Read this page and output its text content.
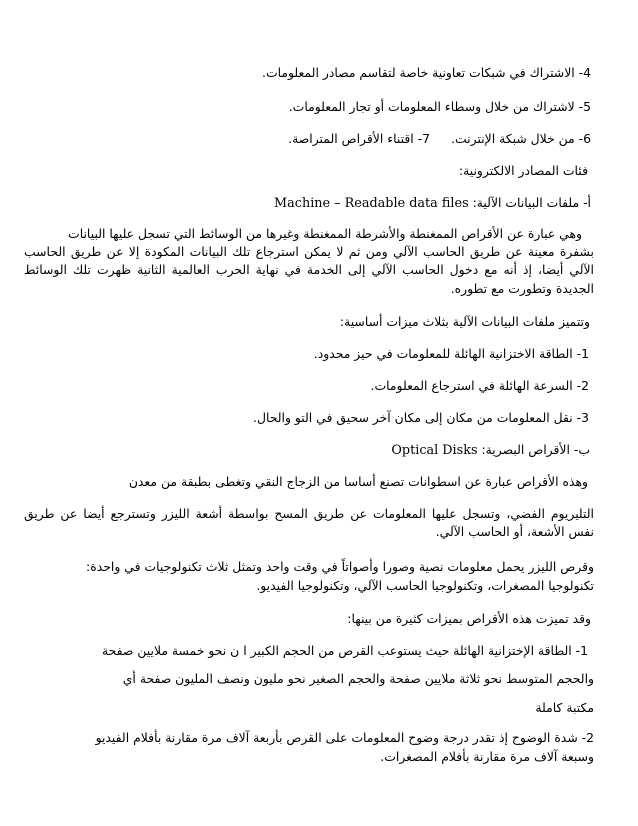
4- الاشتراك في شبكات تعاونية خاصة لتقاسم مصادر المعلومات.
5- لاشتراك من خلال وسطاء المعلومات أو تجار المعلومات.
6- من خلال شبكة الإنترنت.
7- اقتناء الأقراص المتراصة.
فئات المصادر الالكترونية:
أ- ملفات البيانات الآلية: Machine – Readable data files
وهي عبارة عن الأقراص الممغنطة والأشرطة الممغنطة وغيرها من الوسائط التي تسجل عليها البيانات
بشفرة معينة عن طريق الحاسب الآلي ومن ثم لا يمكن استرجاع تلك البيانات المكودة إلا عن طريق الحاسب
الآلي أيضا، إذ أنه مع دخول الحاسب الآلي إلى الخدمة في نهاية الحرب العالمية الثانية ظهرت تلك الوسائط
الجديدة وتطورت مع تطوره.
وتتميز ملفات البيانات الآلية بثلاث ميزات أساسية:
1- الطاقة الاختزانية الهائلة للمعلومات في حيز محدود.
2- السرعة الهائلة في استرجاع المعلومات.
3- نقل المعلومات من مكان إلى مكان آخر سحيق في التو والحال.
ب- الأقراص البصرية: Optical Disks
وهذه الأقراص عبارة عن اسطوانات تصنع أساسا من الزجاج النقي وتغطى بطبقة من معدن
التليريوم الفضي، وتسجل عليها المعلومات عن طريق المسح بواسطة أشعة الليزر وتسترجع أيضا عن طريق
نفس الأشعة، أو الحاسب الآلي.
وقرص الليزر يحمل معلومات نصية وصورا وأصواتاً في وقت واحد وتمثل ثلاث تكنولوجيات في واحدة:
تكنولوجيا المصغرات، وتكنولوجيا الحاسب الآلي، وتكنولوجيا الفيديو.
وقد تميزت هذه الأقراص بميزات كثيرة من بينها:
1- الطاقة الإختزانية الهائلة حيث يستوعب القرص من الحجم الكبير ا ن نحو خمسة ملايين صفحة
والحجم المتوسط نحو ثلاثة ملايين صفحة والحجم الصغير نحو مليون ونصف المليون صفحة أي
مكتبة كاملة
2- شدة الوضوح إذ تقدر درجة وضوح المعلومات على القرص بأربعة آلاف مرة مقارنة بأفلام الفيديو
وسبعة آلاف مرة مقارنة بأفلام المصغرات.
